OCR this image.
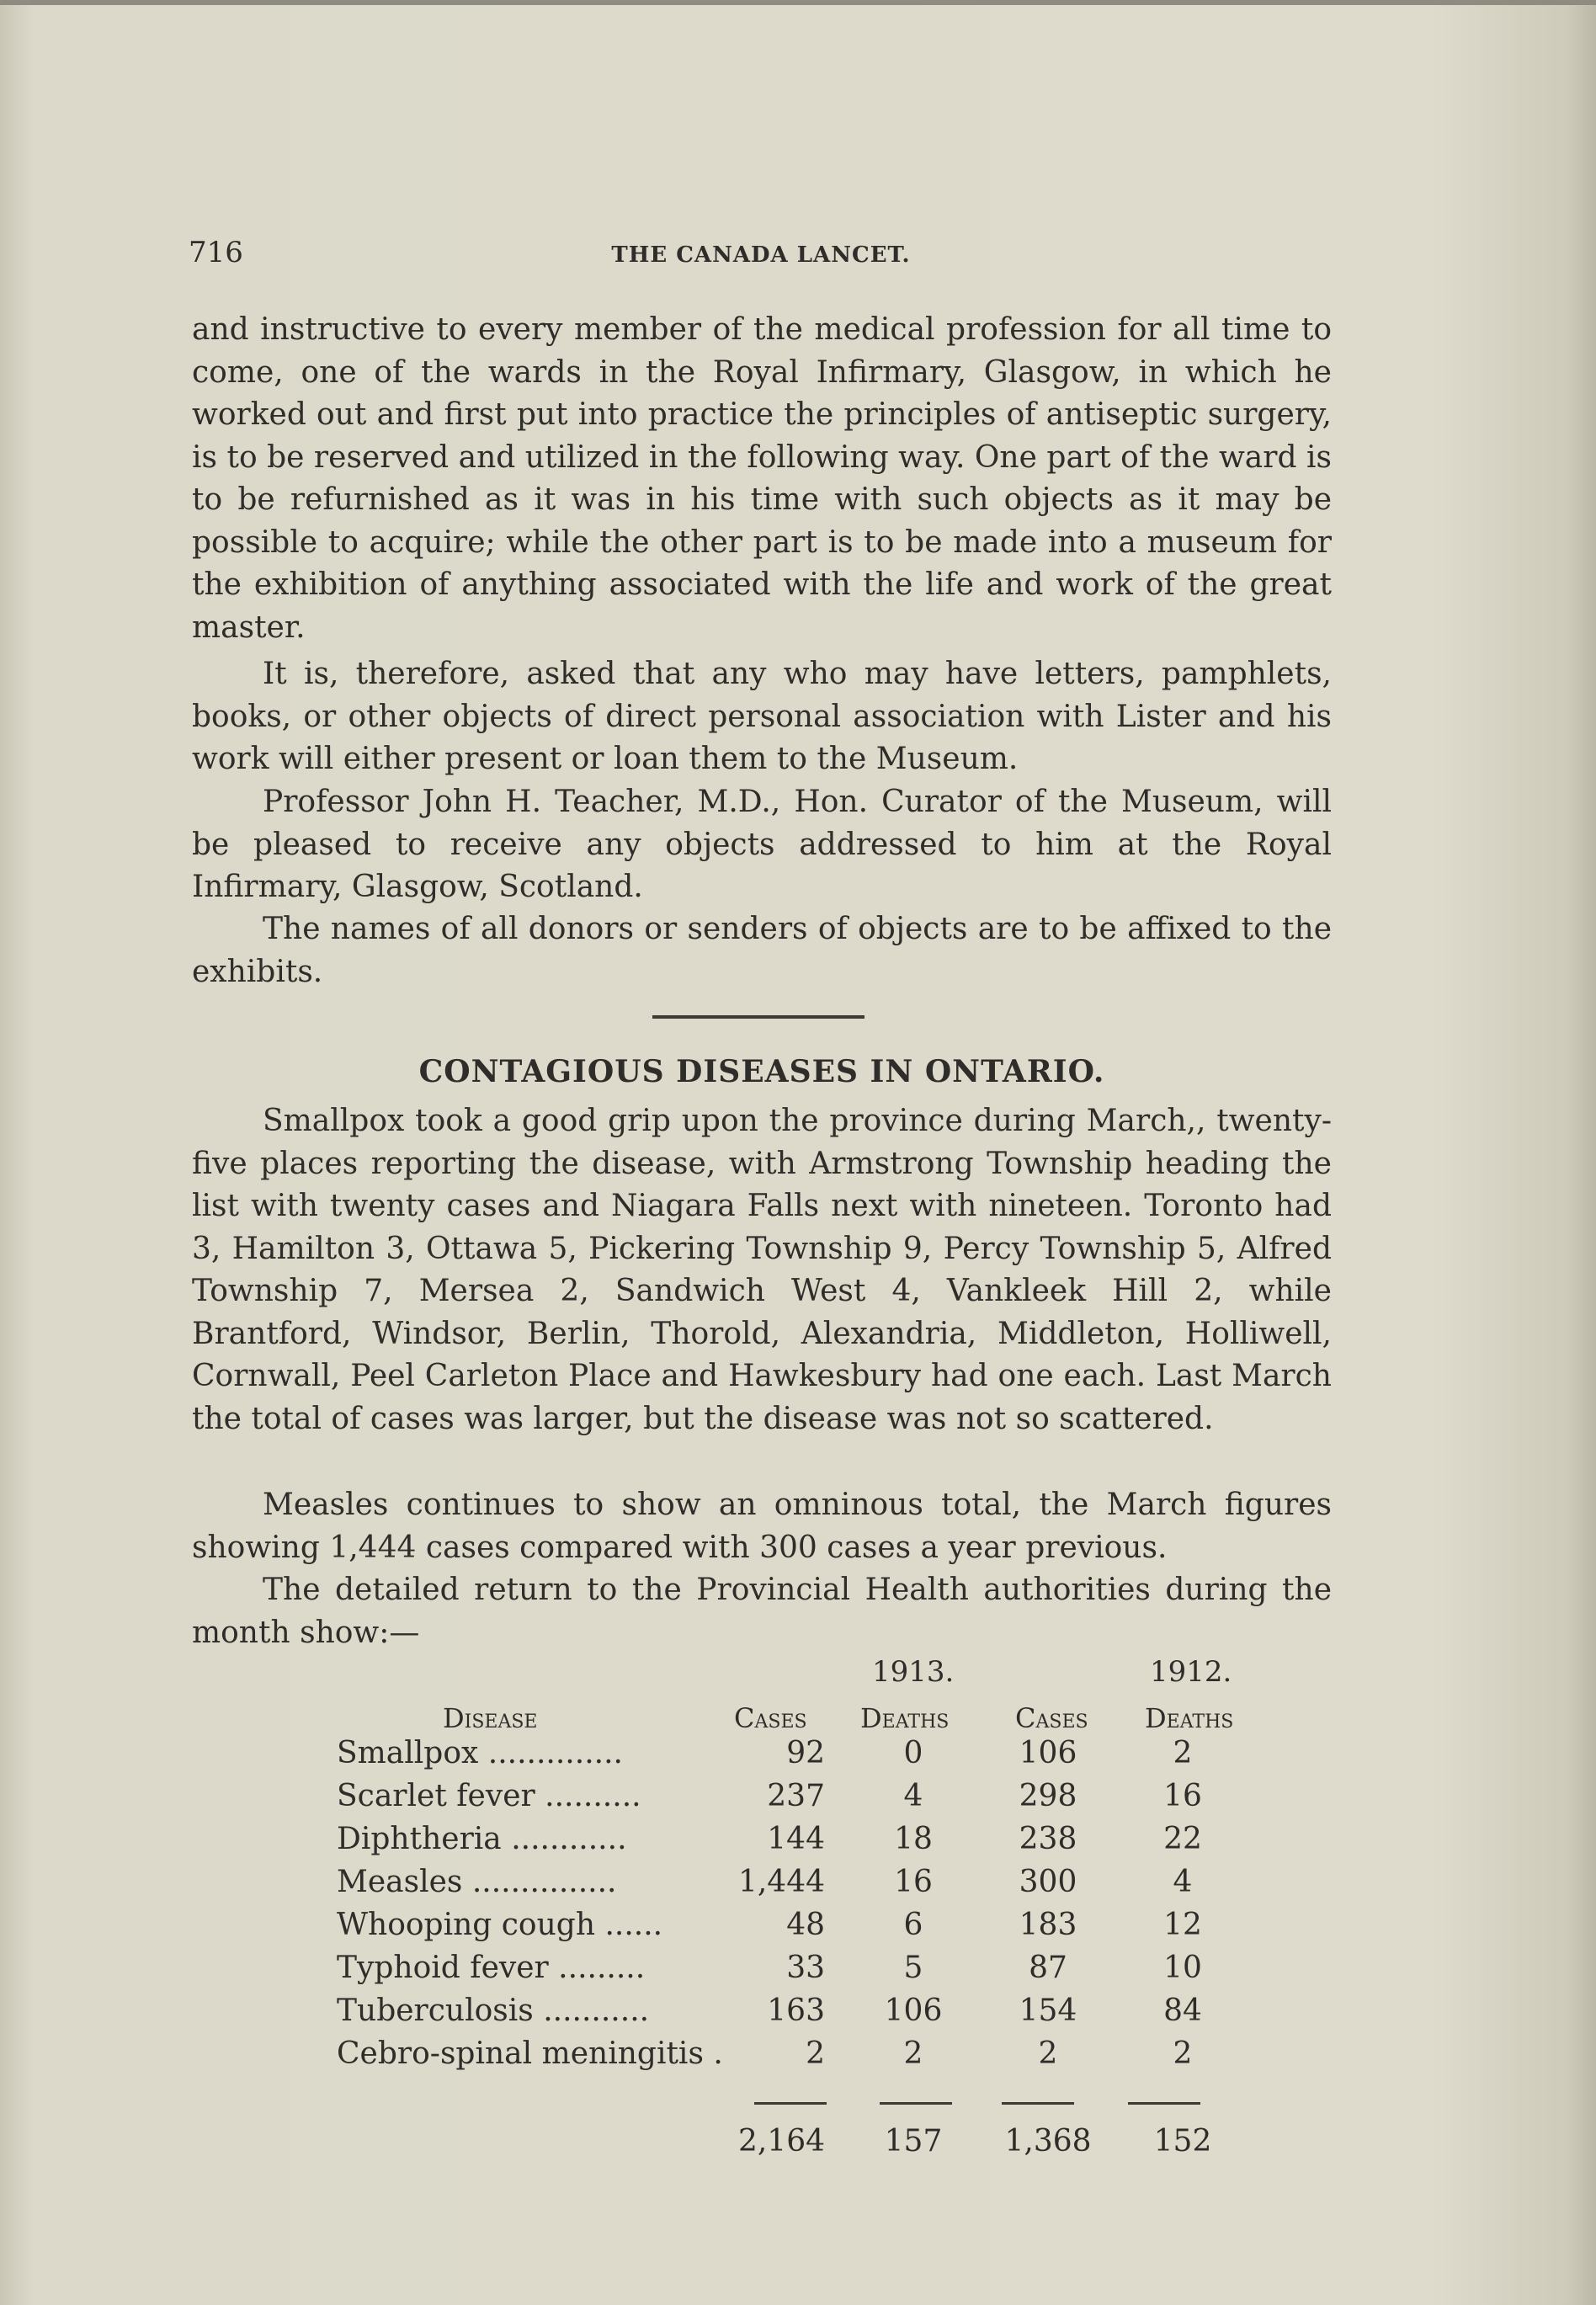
716	THE CANADA LANCET.

and instructive to every member of the medical profession for all time to come, one of the wards in the Royal Infirmary, Glasgow, in which he worked out and first put into practice the principles of antiseptic surgery, is to be reserved and utilized in the following way. One part of the ward is to be refurnished as it was in his time with such objects as it may be possible to acquire; while the other part is to be made into a museum for the exhibition of anything associated with the life and work of the great master.

It is, therefore, asked that any who may have letters, pamphlets, books, or other objects of direct personal association with Lister and his work will either present or loan them to the Museum.

Professor John H. Teacher, M.D., Hon. Curator of the Museum, will be pleased to receive any objects addressed to him at the Royal Infirmary, Glasgow, Scotland.

The names of all donors or senders of objects are to be affixed to the exhibits.

CONTAGIOUS DISEASES IN ONTARIO.

Smallpox took a good grip upon the province during March,, twenty-five places reporting the disease, with Armstrong Township heading the list with twenty cases and Niagara Falls next with nineteen. Toronto had 3, Hamilton 3, Ottawa 5, Pickering Township 9, Percy Township 5, Alfred Township 7, Mersea 2, Sandwich West 4, Vankleek Hill 2, while Brantford, Windsor, Berlin, Thorold, Alexandria, Middleton, Holliwell, Cornwall, Peel Carleton Place and Hawkesbury had one each. Last March the total of cases was larger, but the disease was not so scattered.

Measles continues to show an omninous total, the March figures showing 1,444 cases compared with 300 cases a year previous.

The detailed return to the Provincial Health authorities during the month show:—

1913.	1912.
Disease	Cases Deaths Cases Deaths
Smallpox ..............	92	0	106	2
Scarlet fever ..........	237	4	298	16
Diphtheria ............	144	18	238	22
Measles ...............	1,444	16	300	4
Whooping cough ......	48	6	183	12
Typhoid fever .........	33	5	87	10
Tuberculosis ...........	163	106	154	84
Cebro-spinal meningitis .	2	2	2	2
2,164	157	1,368	152
